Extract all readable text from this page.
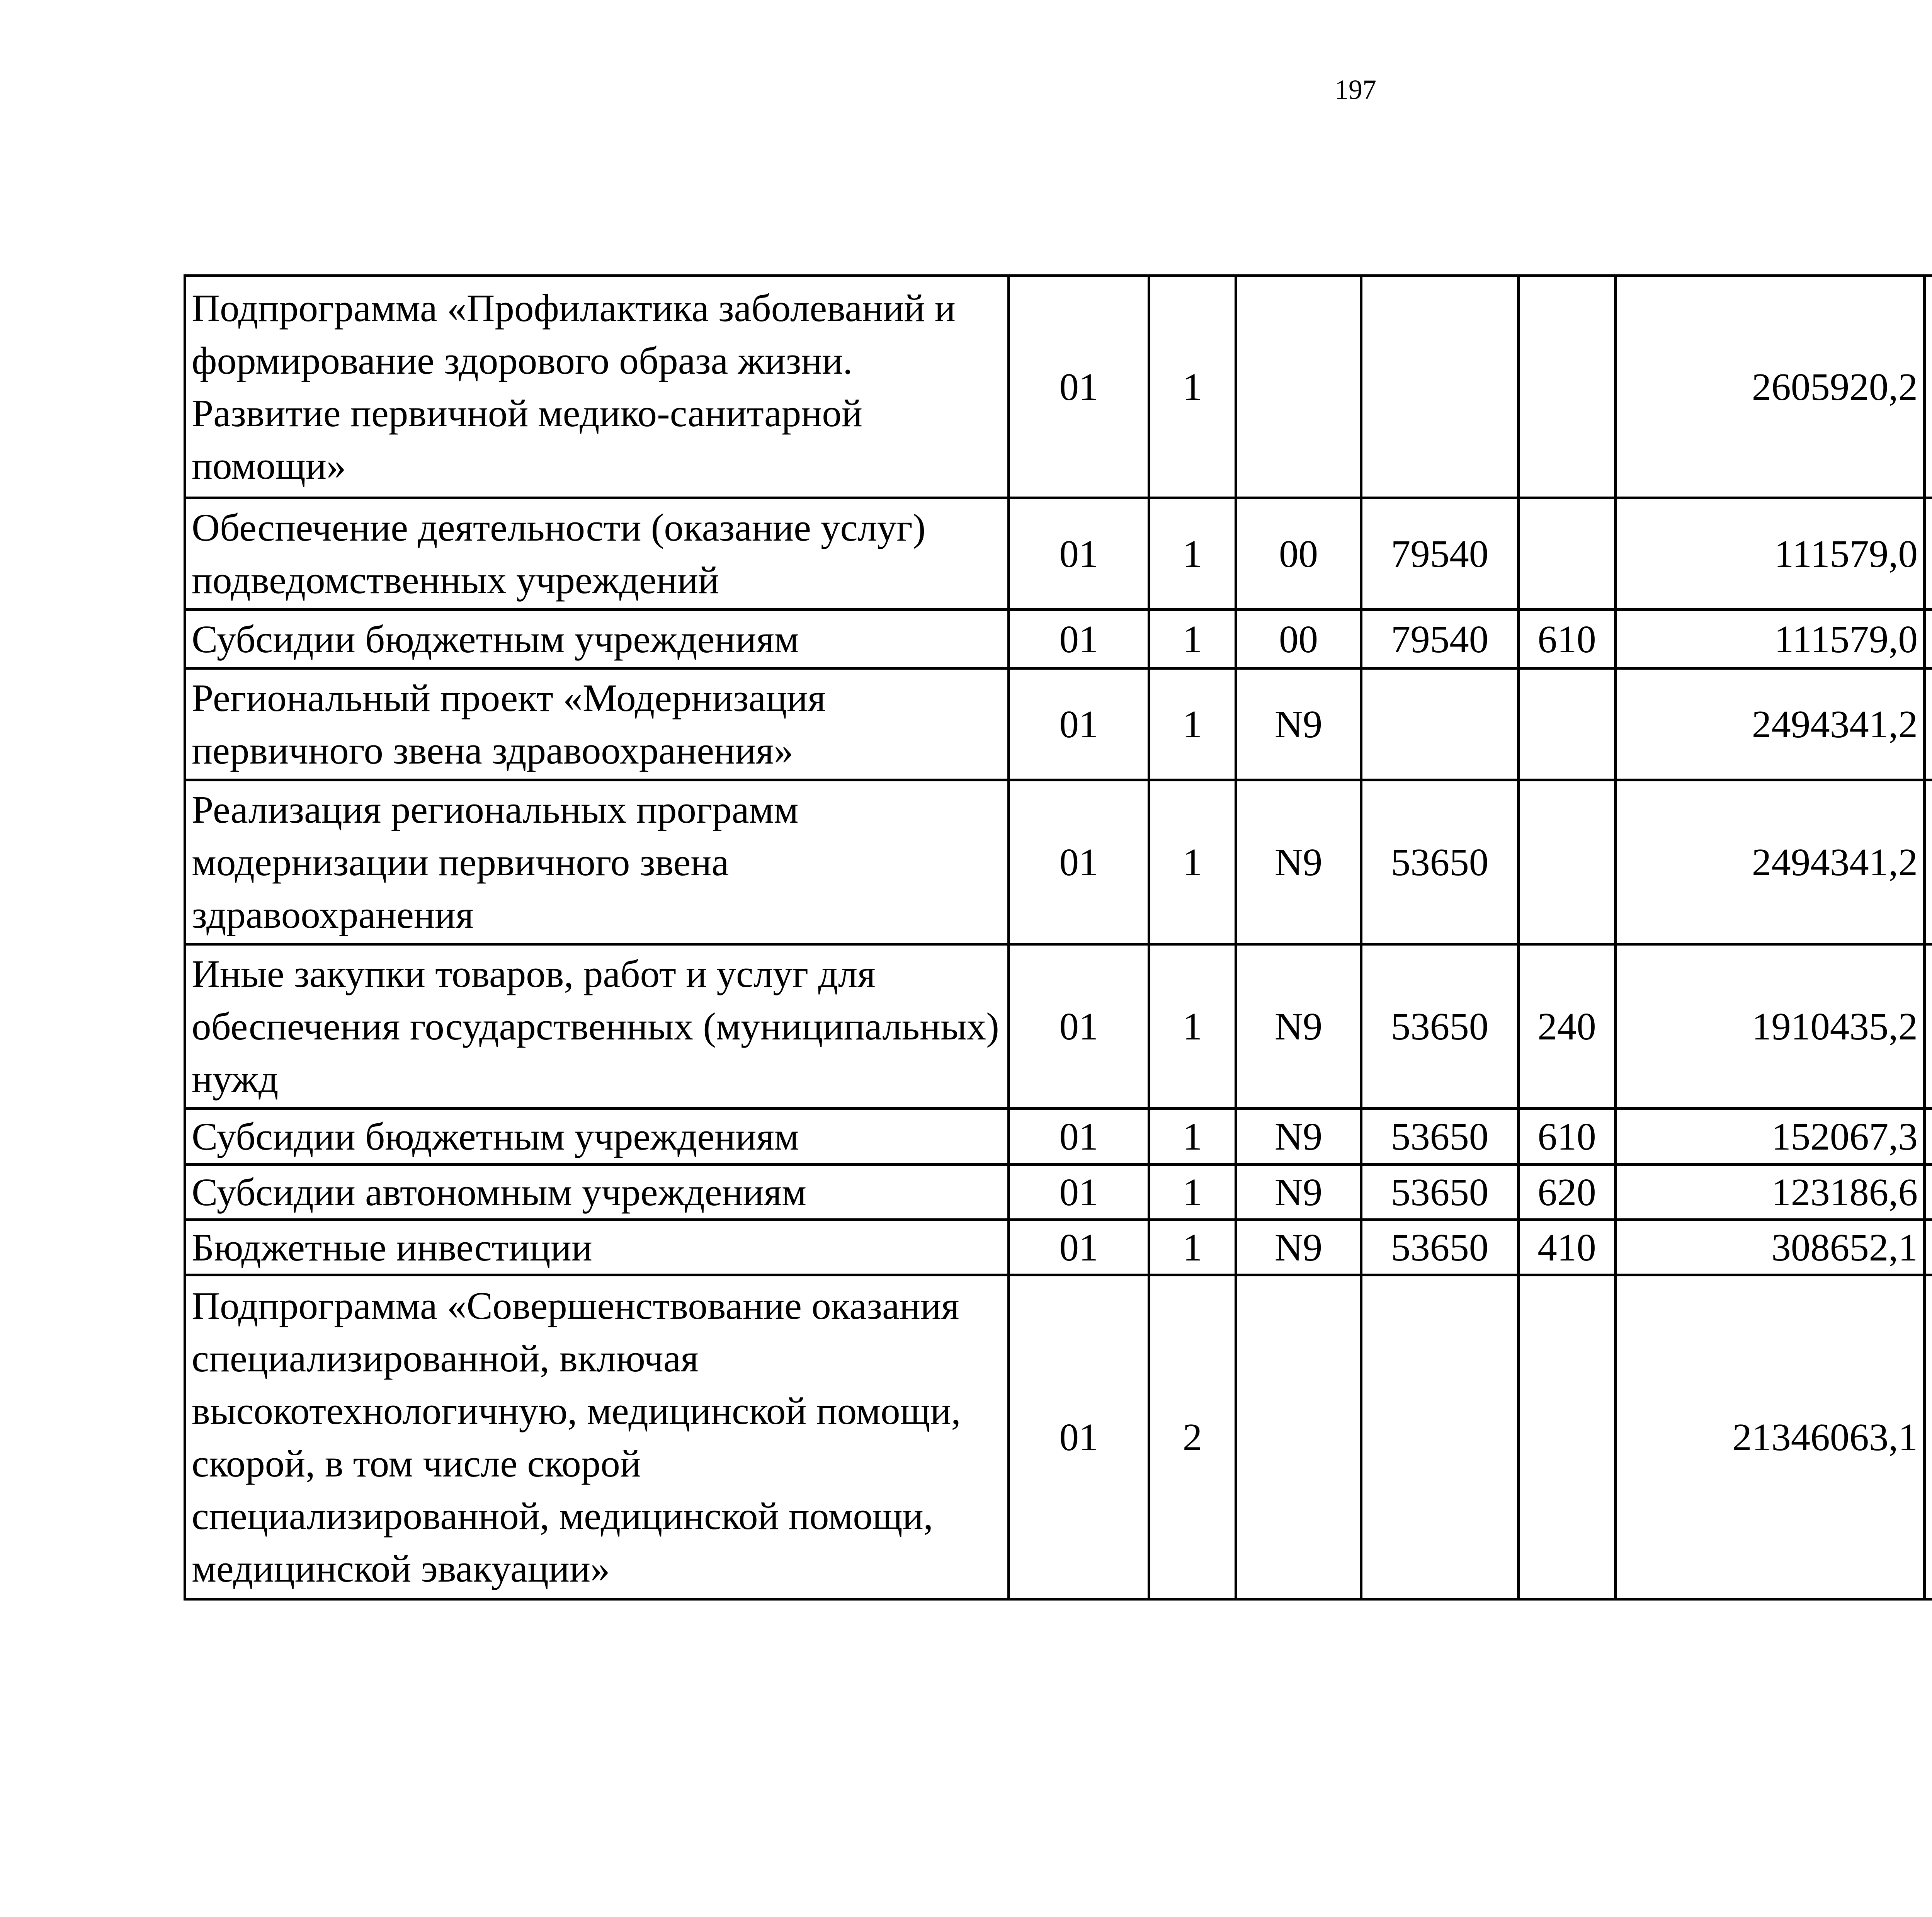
197
Подпрограмма «Профилактика заболеваний и формирование здорового образа жизни. Развитие первичной медико-санитарной помощи»	01	1				2605920,2		
Обеспечение деятельности (оказание услуг) подведомственных учреждений	01	1	00	79540		111579,0		
Субсидии бюджетным учреждениям	01	1	00	79540	610	111579,0		
Региональный проект «Модернизация первичного звена здравоохранения»	01	1	N9			2494341,2		
Реализация региональных программ модернизации первичного звена здравоохранения	01	1	N9	53650		2494341,2		
Иные закупки товаров, работ и услуг для обеспечения государственных (муниципальных) нужд	01	1	N9	53650	240	1910435,2		
Субсидии бюджетным учреждениям	01	1	N9	53650	610	152067,3		
Субсидии автономным учреждениям	01	1	N9	53650	620	123186,6		
Бюджетные инвестиции	01	1	N9	53650	410	308652,1		
Подпрограмма «Совершенствование оказания специализированной, включая высокотехнологичную, медицинской помощи, скорой, в том числе скорой специализированной, медицинской помощи, медицинской эвакуации»	01	2				21346063,1		
